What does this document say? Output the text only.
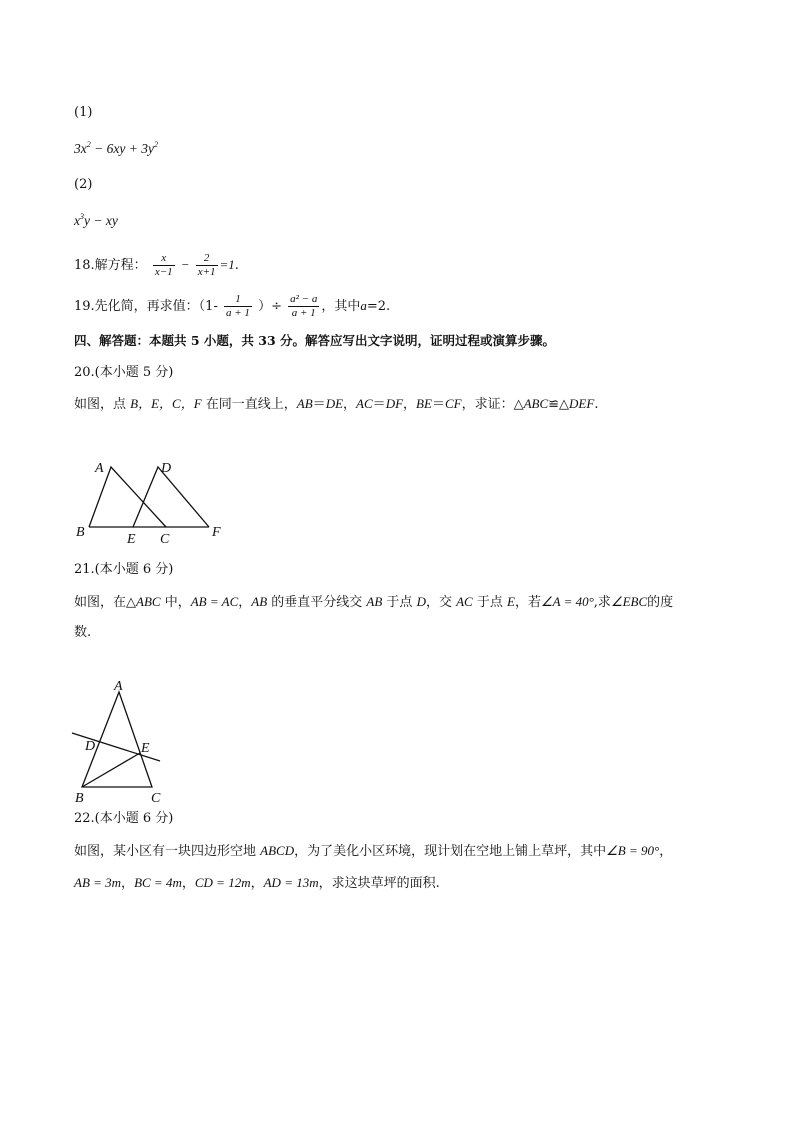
(1)
$3x^2 - 6xy + 3y^2$
(2)
$x^3y$ − xy
18.解方程： $\frac{x}{x-1} - \frac{2}{x+1} =1$.
19.先化简，再求值：（$1- \frac{1}{a + 1}$ ）÷ $\frac{\text{a² − a}}{a + 1}$ ，其中a=2.
四、解答题：本题共 5 小题，共 33 分。解答应写出文字说明，证明过程或演算步骤。
20.(本小题 5 分)
如图，点 B，E，C，F 在同一直线上，AB＝DE，AC＝DF，BE＝CF，求证：△ABC≌△DEF.
A	D
B	E C	F
21.(本小题 6 分)
如图，在△ABC 中，AB = AC，AB 的垂直平分线交 AB 于点 D，交 AC 于点 E，若∠A = 40°,求∠EBC的度
数.
A
D	E
B	C
22.(本小题 6 分)
如图，某小区有一块四边形空地 ABCD，为了美化小区环境，现计划在空地上铺上草坪，其中∠B = 90°，
AB = 3m，BC = 4m，CD = 12m，AD = 13m，求这块草坪的面积.
